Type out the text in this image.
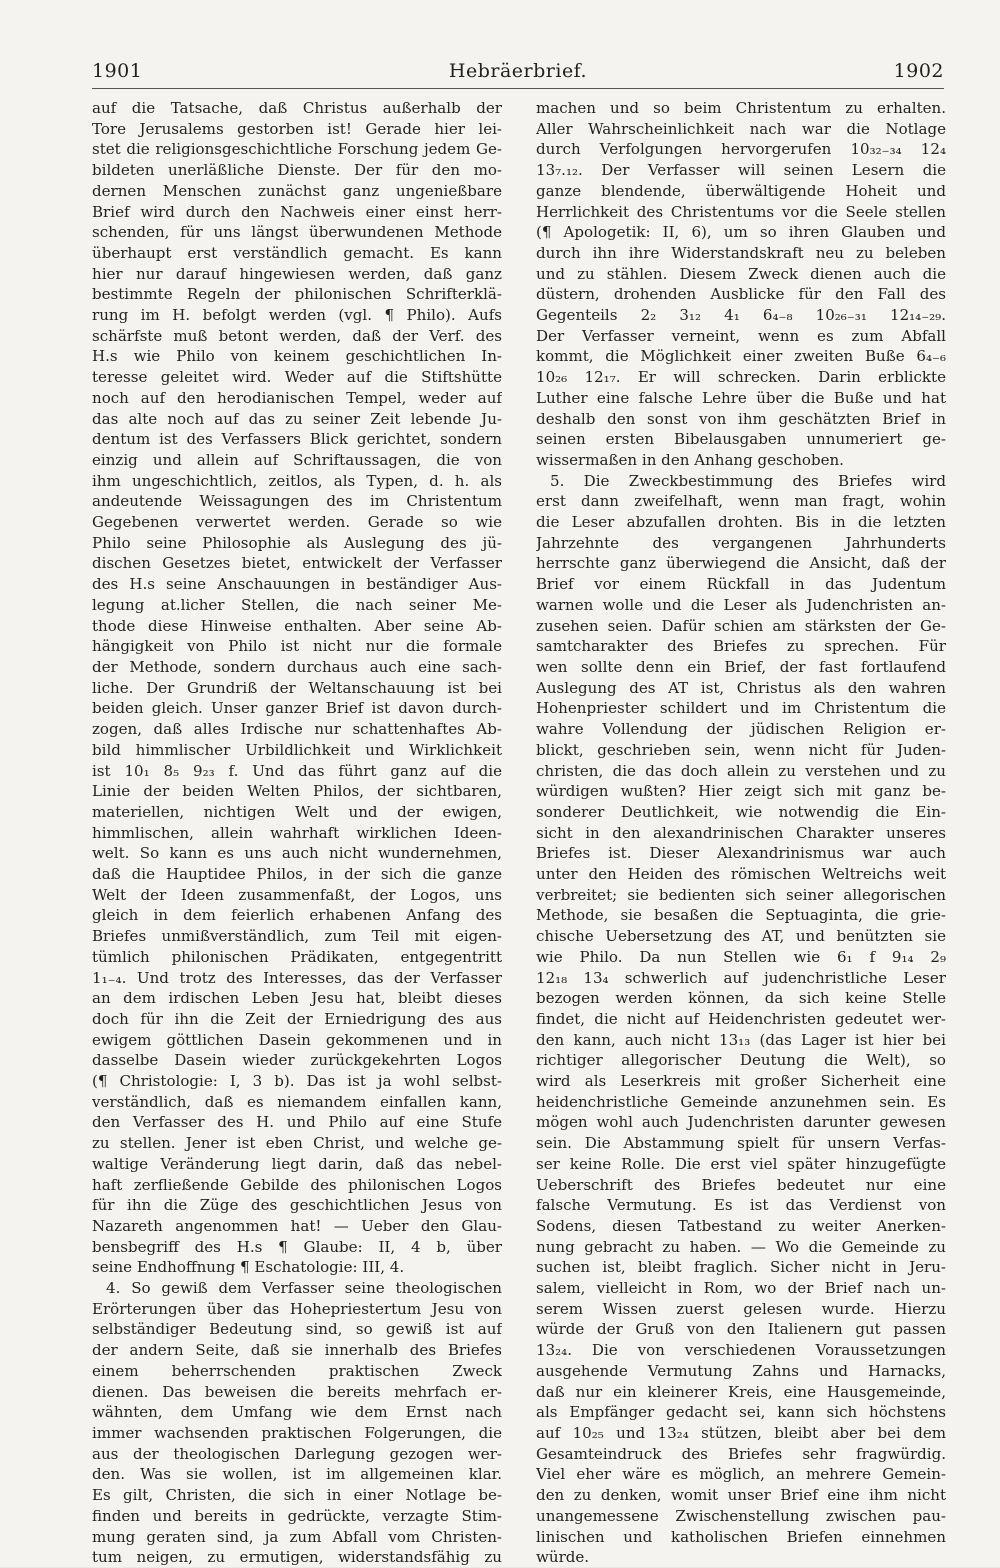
1901	Hebräerbrief.	1902
auf die Tatsache, daß Christus außerhalb der
Tore Jerusalems gestorben ist! Gerade hier lei-
stet die religionsgeschichtliche Forschung jedem Ge-
bildeten unerläßliche Dienste. Der für den mo-
dernen Menschen zunächst ganz ungenießbare
Brief wird durch den Nachweis einer einst herr-
schenden, für uns längst überwundenen Methode
überhaupt erst verständlich gemacht. Es kann
hier nur darauf hingewiesen werden, daß ganz
bestimmte Regeln der philonischen Schrifterklä-
rung im H. befolgt werden (vgl. ¶ Philo). Aufs
schärfste muß betont werden, daß der Verf. des
H.s wie Philo von keinem geschichtlichen In-
teresse geleitet wird. Weder auf die Stiftshütte
noch auf den herodianischen Tempel, weder auf
das alte noch auf das zu seiner Zeit lebende Ju-
dentum ist des Verfassers Blick gerichtet, sondern
einzig und allein auf Schriftaussagen, die von
ihm ungeschichtlich, zeitlos, als Typen, d. h. als
andeutende Weissagungen des im Christentum
Gegebenen verwertet werden. Gerade so wie
Philo seine Philosophie als Auslegung des jü-
dischen Gesetzes bietet, entwickelt der Verfasser
des H.s seine Anschauungen in beständiger Aus-
legung at.licher Stellen, die nach seiner Me-
thode diese Hinweise enthalten. Aber seine Ab-
hängigkeit von Philo ist nicht nur die formale
der Methode, sondern durchaus auch eine sach-
liche. Der Grundriß der Weltanschauung ist bei
beiden gleich. Unser ganzer Brief ist davon durch-
zogen, daß alles Irdische nur schattenhaftes Ab-
bild himmlischer Urbildlichkeit und Wirklichkeit
ist 10₁ 8₅ 9₂₃ f. Und das führt ganz auf die
Linie der beiden Welten Philos, der sichtbaren,
materiellen, nichtigen Welt und der ewigen,
himmlischen, allein wahrhaft wirklichen Ideen-
welt. So kann es uns auch nicht wundernehmen,
daß die Hauptidee Philos, in der sich die ganze
Welt der Ideen zusammenfaßt, der Logos, uns
gleich in dem feierlich erhabenen Anfang des
Briefes unmißverständlich, zum Teil mit eigen-
tümlich philonischen Prädikaten, entgegentritt
1₁₋₄. Und trotz des Interesses, das der Verfasser
an dem irdischen Leben Jesu hat, bleibt dieses
doch für ihn die Zeit der Erniedrigung des aus
ewigem göttlichen Dasein gekommenen und in
dasselbe Dasein wieder zurückgekehrten Logos
(¶ Christologie: I, 3 b). Das ist ja wohl selbst-
verständlich, daß es niemandem einfallen kann,
den Verfasser des H. und Philo auf eine Stufe
zu stellen. Jener ist eben Christ, und welche ge-
waltige Veränderung liegt darin, daß das nebel-
haft zerfließende Gebilde des philonischen Logos
für ihn die Züge des geschichtlichen Jesus von
Nazareth angenommen hat! — Ueber den Glau-
bensbegriff des H.s ¶ Glaube: II, 4 b, über
seine Endhoffnung ¶ Eschatologie: III, 4.
4. So gewiß dem Verfasser seine theologischen
Erörterungen über das Hohepriestertum Jesu von
selbständiger Bedeutung sind, so gewiß ist auf
der andern Seite, daß sie innerhalb des Briefes
einem beherrschenden praktischen Zweck
dienen. Das beweisen die bereits mehrfach er-
wähnten, dem Umfang wie dem Ernst nach
immer wachsenden praktischen Folgerungen, die
aus der theologischen Darlegung gezogen wer-
den. Was sie wollen, ist im allgemeinen klar.
Es gilt, Christen, die sich in einer Notlage be-
finden und bereits in gedrückte, verzagte Stim-
mung geraten sind, ja zum Abfall vom Christen-
tum neigen, zu ermutigen, widerstandsfähig zu
machen und so beim Christentum zu erhalten.
Aller Wahrscheinlichkeit nach war die Notlage
durch Verfolgungen hervorgerufen 10₃₂₋₃₄ 12₄
13₇.₁₂. Der Verfasser will seinen Lesern die
ganze blendende, überwältigende Hoheit und
Herrlichkeit des Christentums vor die Seele stellen
(¶ Apologetik: II, 6), um so ihren Glauben und
durch ihn ihre Widerstandskraft neu zu beleben
und zu stählen. Diesem Zweck dienen auch die
düstern, drohenden Ausblicke für den Fall des
Gegenteils 2₂ 3₁₂ 4₁ 6₄₋₈ 10₂₆₋₃₁ 12₁₄₋₂₉.
Der Verfasser verneint, wenn es zum Abfall
kommt, die Möglichkeit einer zweiten Buße 6₄₋₆
10₂₆ 12₁₇. Er will schrecken. Darin erblickte
Luther eine falsche Lehre über die Buße und hat
deshalb den sonst von ihm geschätzten Brief in
seinen ersten Bibelausgaben unnumeriert ge-
wissermaßen in den Anhang geschoben.
5. Die Zweckbestimmung des Briefes wird
erst dann zweifelhaft, wenn man fragt, wohin
die Leser abzufallen drohten. Bis in die letzten
Jahrzehnte des vergangenen Jahrhunderts
herrschte ganz überwiegend die Ansicht, daß der
Brief vor einem Rückfall in das Judentum
warnen wolle und die Leser als Judenchristen an-
zusehen seien. Dafür schien am stärksten der Ge-
samtcharakter des Briefes zu sprechen. Für
wen sollte denn ein Brief, der fast fortlaufend
Auslegung des AT ist, Christus als den wahren
Hohenpriester schildert und im Christentum die
wahre Vollendung der jüdischen Religion er-
blickt, geschrieben sein, wenn nicht für Juden-
christen, die das doch allein zu verstehen und zu
würdigen wußten? Hier zeigt sich mit ganz be-
sonderer Deutlichkeit, wie notwendig die Ein-
sicht in den alexandrinischen Charakter unseres
Briefes ist. Dieser Alexandrinismus war auch
unter den Heiden des römischen Weltreichs weit
verbreitet; sie bedienten sich seiner allegorischen
Methode, sie besaßen die Septuaginta, die grie-
chische Uebersetzung des AT, und benützten sie
wie Philo. Da nun Stellen wie 6₁ f 9₁₄ 2₉
12₁₈ 13₄ schwerlich auf judenchristliche Leser
bezogen werden können, da sich keine Stelle
findet, die nicht auf Heidenchristen gedeutet wer-
den kann, auch nicht 13₁₃ (das Lager ist hier bei
richtiger allegorischer Deutung die Welt), so
wird als Leserkreis mit großer Sicherheit eine
heidenchristliche Gemeinde anzunehmen sein. Es
mögen wohl auch Judenchristen darunter gewesen
sein. Die Abstammung spielt für unsern Verfas-
ser keine Rolle. Die erst viel später hinzugefügte
Ueberschrift des Briefes bedeutet nur eine
falsche Vermutung. Es ist das Verdienst von
Sodens, diesen Tatbestand zu weiter Anerken-
nung gebracht zu haben. — Wo die Gemeinde zu
suchen ist, bleibt fraglich. Sicher nicht in Jeru-
salem, vielleicht in Rom, wo der Brief nach un-
serem Wissen zuerst gelesen wurde. Hierzu
würde der Gruß von den Italienern gut passen
13₂₄. Die von verschiedenen Voraussetzungen
ausgehende Vermutung Zahns und Harnacks,
daß nur ein kleinerer Kreis, eine Hausgemeinde,
als Empfänger gedacht sei, kann sich höchstens
auf 10₂₅ und 13₂₄ stützen, bleibt aber bei dem
Gesamteindruck des Briefes sehr fragwürdig.
Viel eher wäre es möglich, an mehrere Gemein-
den zu denken, womit unser Brief eine ihm nicht
unangemessene Zwischenstellung zwischen pau-
linischen und katholischen Briefen einnehmen
würde.
